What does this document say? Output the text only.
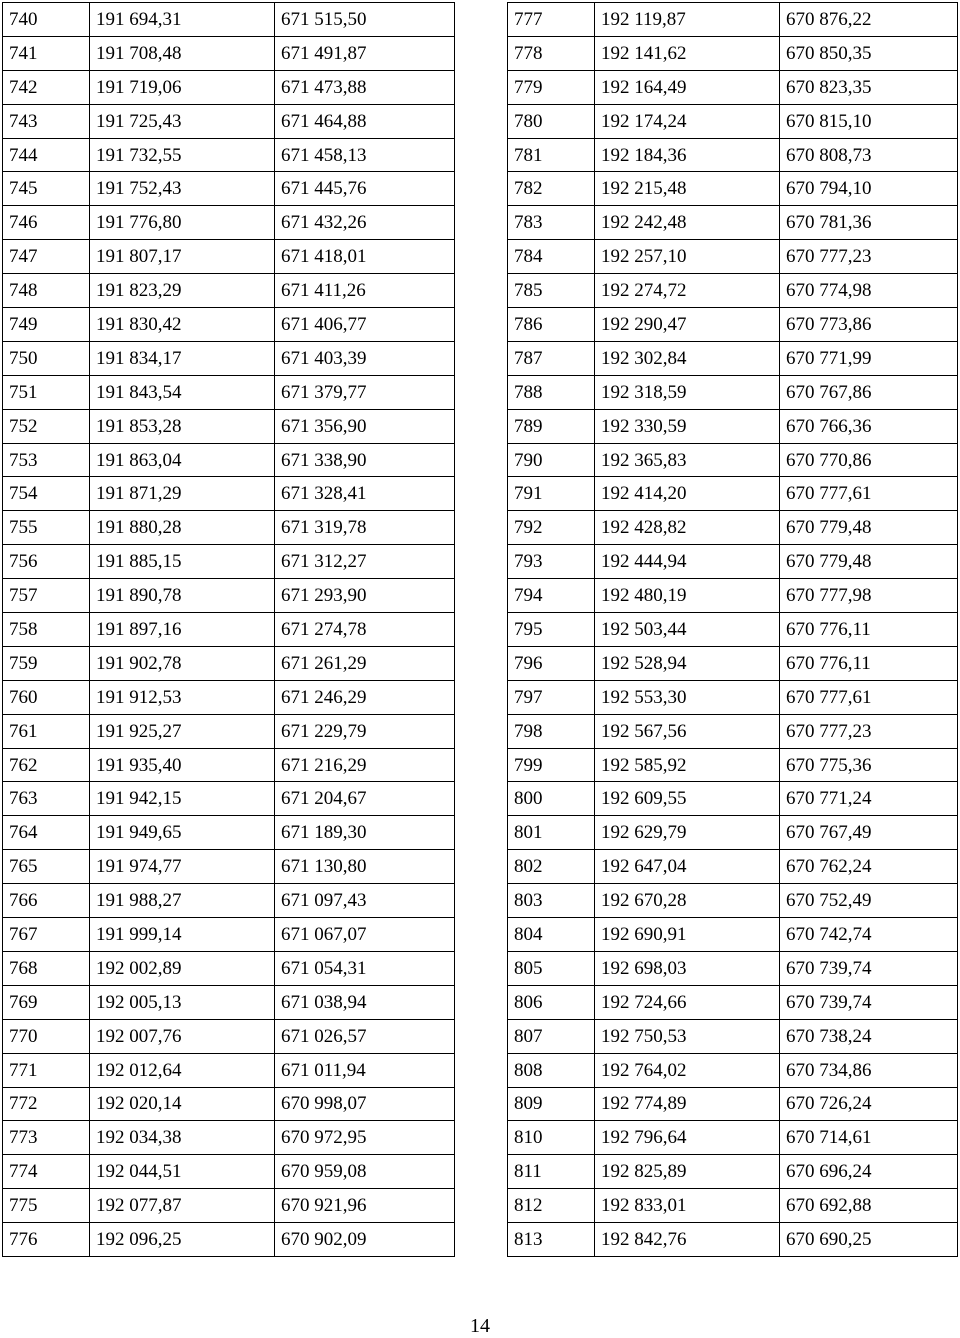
740	191 694,31	671 515,50
741	191 708,48	671 491,87
742	191 719,06	671 473,88
743	191 725,43	671 464,88
744	191 732,55	671 458,13
745	191 752,43	671 445,76
746	191 776,80	671 432,26
747	191 807,17	671 418,01
748	191 823,29	671 411,26
749	191 830,42	671 406,77
750	191 834,17	671 403,39
751	191 843,54	671 379,77
752	191 853,28	671 356,90
753	191 863,04	671 338,90
754	191 871,29	671 328,41
755	191 880,28	671 319,78
756	191 885,15	671 312,27
757	191 890,78	671 293,90
758	191 897,16	671 274,78
759	191 902,78	671 261,29
760	191 912,53	671 246,29
761	191 925,27	671 229,79
762	191 935,40	671 216,29
763	191 942,15	671 204,67
764	191 949,65	671 189,30
765	191 974,77	671 130,80
766	191 988,27	671 097,43
767	191 999,14	671 067,07
768	192 002,89	671 054,31
769	192 005,13	671 038,94
770	192 007,76	671 026,57
771	192 012,64	671 011,94
772	192 020,14	670 998,07
773	192 034,38	670 972,95
774	192 044,51	670 959,08
775	192 077,87	670 921,96
776	192 096,25	670 902,09
777	192 119,87	670 876,22
778	192 141,62	670 850,35
779	192 164,49	670 823,35
780	192 174,24	670 815,10
781	192 184,36	670 808,73
782	192 215,48	670 794,10
783	192 242,48	670 781,36
784	192 257,10	670 777,23
785	192 274,72	670 774,98
786	192 290,47	670 773,86
787	192 302,84	670 771,99
788	192 318,59	670 767,86
789	192 330,59	670 766,36
790	192 365,83	670 770,86
791	192 414,20	670 777,61
792	192 428,82	670 779,48
793	192 444,94	670 779,48
794	192 480,19	670 777,98
795	192 503,44	670 776,11
796	192 528,94	670 776,11
797	192 553,30	670 777,61
798	192 567,56	670 777,23
799	192 585,92	670 775,36
800	192 609,55	670 771,24
801	192 629,79	670 767,49
802	192 647,04	670 762,24
803	192 670,28	670 752,49
804	192 690,91	670 742,74
805	192 698,03	670 739,74
806	192 724,66	670 739,74
807	192 750,53	670 738,24
808	192 764,02	670 734,86
809	192 774,89	670 726,24
810	192 796,64	670 714,61
811	192 825,89	670 696,24
812	192 833,01	670 692,88
813	192 842,76	670 690,25
14
